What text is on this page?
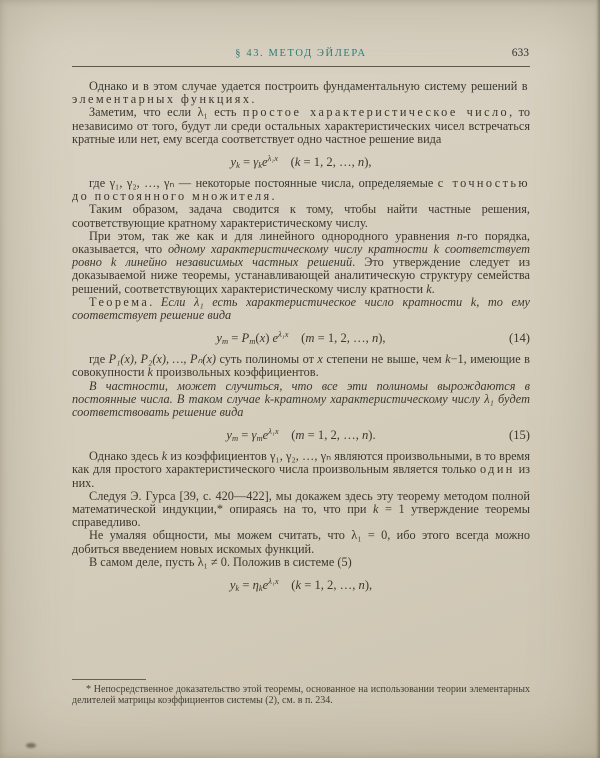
§ 43. МЕТОД ЭЙЛЕРА	633

Однако и в этом случае удается построить фундаментальную систему решений в элементарных функциях.

Заметим, что если λ₁ есть простое характеристическое число, то независимо от того, будут ли среди остальных характеристических чисел встречаться кратные или нет, ему всегда соответствует одно частное решение вида

$y_k = \gamma_ke^{\lambda_1x}$ (k = 1, 2, …, n),

где γ₁, γ₂, …, γₙ — некоторые постоянные числа, определяемые с точностью до постоянного множителя.

Таким образом, задача сводится к тому, чтобы найти частные решения, соответствующие кратному характеристическому числу.

При этом, так же как и для линейного однородного уравнения n-го порядка, оказывается, что одному характеристическому числу кратности k соответствует ровно k линейно независимых частных решений. Это утверждение следует из доказываемой ниже теоремы, устанавливающей аналитическую структуру семейства решений, соответствующих характеристическому числу кратности k.

Теорема. Если λ₁ есть характеристическое число кратности k, то ему соответствует решение вида

$y_m = P_m(x)$ $e^{\lambda_1x}$ (m = 1, 2, …, n),	(14)

где P₁(x), P₂(x), …, Pₙ(x) суть полиномы от x степени не выше, чем k−1, имеющие в совокупности k произвольных коэффициентов.

В частности, может случиться, что все эти полиномы вырождаются в постоянные числа. В таком случае k-кратному характеристическому числу λ₁ будет соответствовать решение вида

$y_m = \gamma_me^{\lambda_1x}$ (m = 1, 2, …, n).	(15)

Однако здесь k из коэффициентов γ₁, γ₂, …, γₙ являются произвольными, в то время как для простого характеристического числа произвольным является только один из них.

Следуя Э. Гурса [39, с. 420—422], мы докажем здесь эту теорему методом полной математической индукции,* опираясь на то, что при k = 1 утверждение теоремы справедливо.

Не умаляя общности, мы можем считать, что λ₁ = 0, ибо этого всегда можно добиться введением новых искомых функций.

В самом деле, пусть λ₁ ≠ 0. Положив в системе (5)

$y_k = \eta_ke^{\lambda_1x}$ (k = 1, 2, …, n),

* Непосредственное доказательство этой теоремы, основанное на использовании теории элементарных делителей матрицы коэффициентов системы (2), см. в п. 234.
